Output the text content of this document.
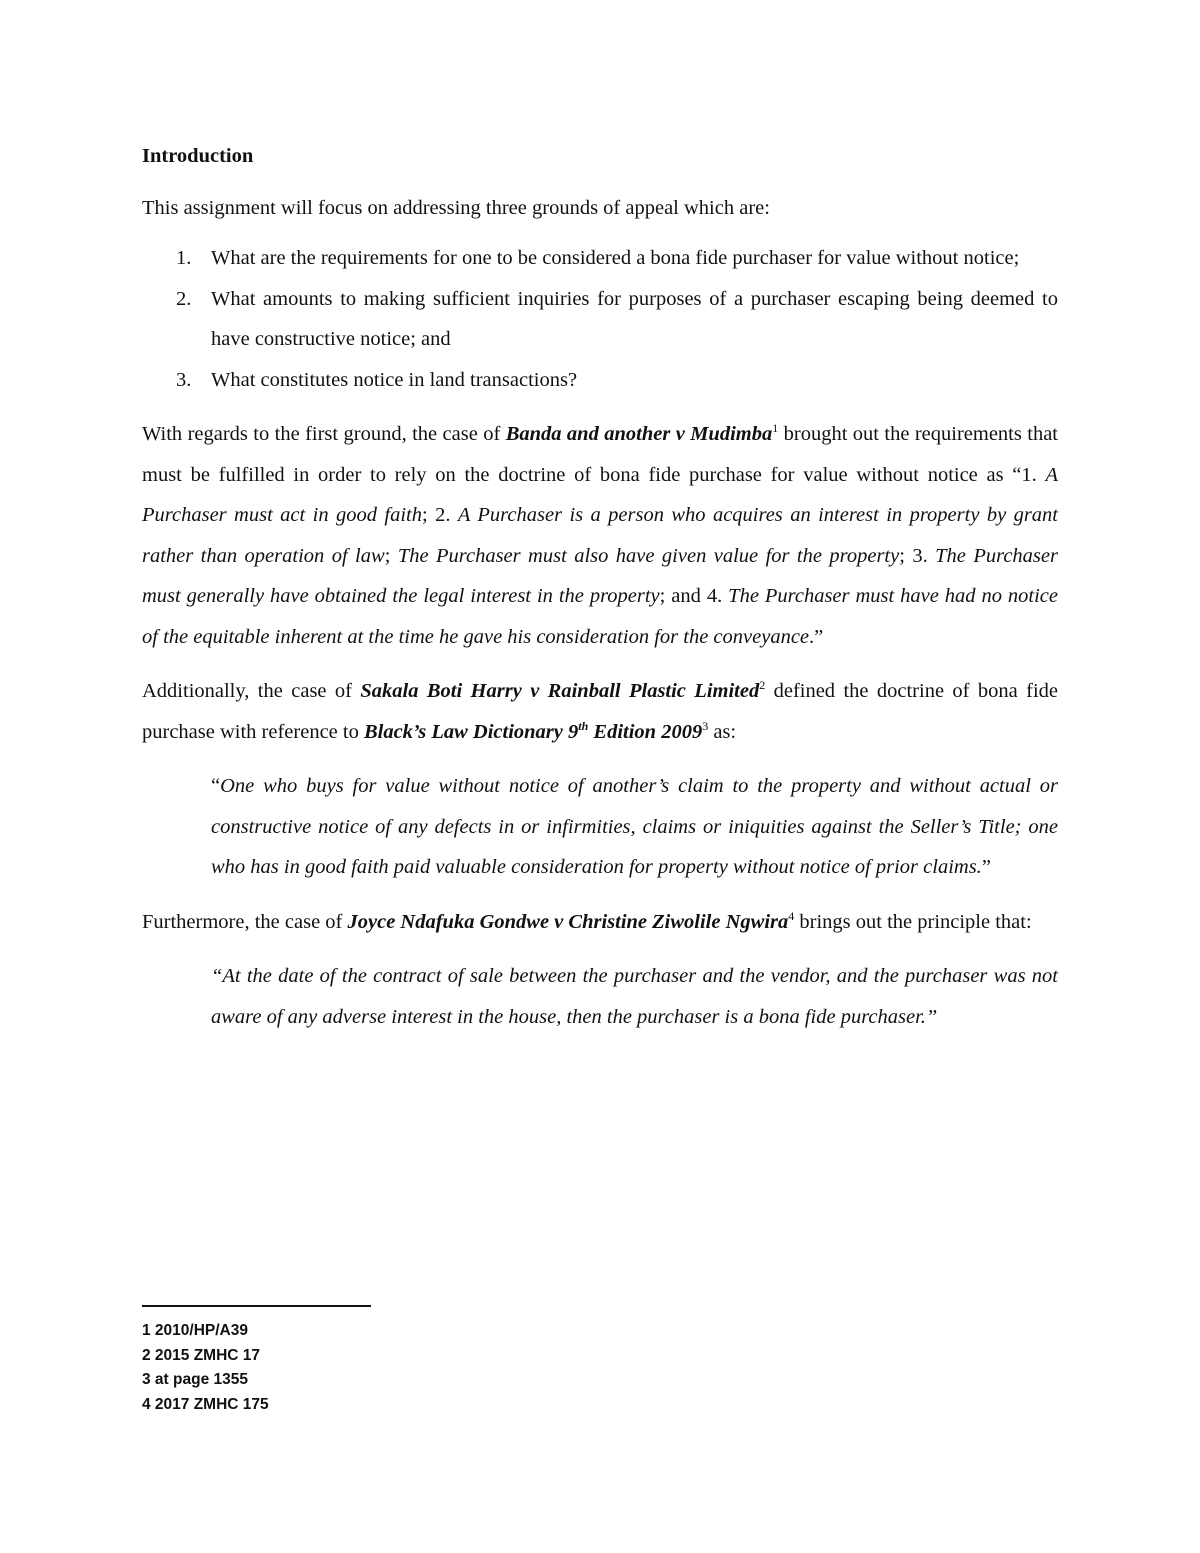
Introduction
This assignment will focus on addressing three grounds of appeal which are:
1. What are the requirements for one to be considered a bona fide purchaser for value without notice;
2. What amounts to making sufficient inquiries for purposes of a purchaser escaping being deemed to have constructive notice; and
3. What constitutes notice in land transactions?

With regards to the first ground, the case of Banda and another v Mudimba$^1$ brought out the requirements that must be fulfilled in order to rely on the doctrine of bona fide purchase for value without notice as “1. A Purchaser must act in good faith; 2. A Purchaser is a person who acquires an interest in property by grant rather than operation of law; The Purchaser must also have given value for the property; 3. The Purchaser must generally have obtained the legal interest in the property; and 4. The Purchaser must have had no notice of the equitable inherent at the time he gave his consideration for the conveyance.”

Additionally, the case of Sakala Boti Harry v Rainball Plastic Limited$^2$ defined the doctrine of bona fide purchase with reference to Black’s Law Dictionary 9th Edition 2009$^3$ as:

“One who buys for value without notice of another’s claim to the property and without actual or constructive notice of any defects in or infirmities, claims or iniquities against the Seller’s Title; one who has in good faith paid valuable consideration for property without notice of prior claims.”

Furthermore, the case of Joyce Ndafuka Gondwe v Christine Ziwolile Ngwira$^4$ brings out the principle that:

“At the date of the contract of sale between the purchaser and the vendor, and the purchaser was not aware of any adverse interest in the house, then the purchaser is a bona fide purchaser.”

1 2010/HP/A39
2 2015 ZMHC 17
3 at page 1355
4 2017 ZMHC 175
